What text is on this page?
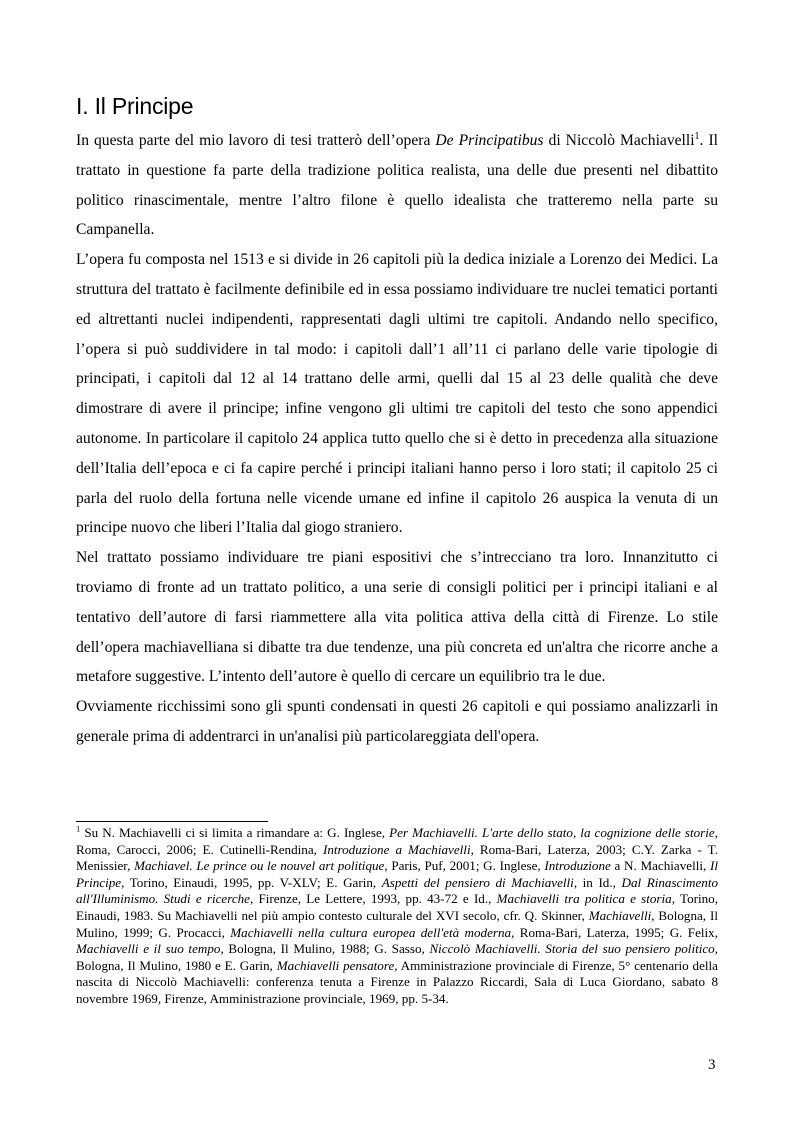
I. Il Principe

In questa parte del mio lavoro di tesi tratterò dell’opera De Principatibus di Niccolò Machiavelli$^1$. Il trattato in questione fa parte della tradizione politica realista, una delle due presenti nel dibattito politico rinascimentale, mentre l’altro filone è quello idealista che tratteremo nella parte su Campanella.

L’opera fu composta nel 1513 e si divide in 26 capitoli più la dedica iniziale a Lorenzo dei Medici. La struttura del trattato è facilmente definibile ed in essa possiamo individuare tre nuclei tematici portanti ed altrettanti nuclei indipendenti, rappresentati dagli ultimi tre capitoli. Andando nello specifico, l’opera si può suddividere in tal modo: i capitoli dall’1 all’11 ci parlano delle varie tipologie di principati, i capitoli dal 12 al 14 trattano delle armi, quelli dal 15 al 23 delle qualità che deve dimostrare di avere il principe; infine vengono gli ultimi tre capitoli del testo che sono appendici autonome. In particolare il capitolo 24 applica tutto quello che si è detto in precedenza alla situazione dell’Italia dell’epoca e ci fa capire perché i principi italiani hanno perso i loro stati; il capitolo 25 ci parla del ruolo della fortuna nelle vicende umane ed infine il capitolo 26 auspica la venuta di un principe nuovo che liberi l’Italia dal giogo straniero.

Nel trattato possiamo individuare tre piani espositivi che s’intrecciano tra loro. Innanzitutto ci troviamo di fronte ad un trattato politico, a una serie di consigli politici per i principi italiani e al tentativo dell’autore di farsi riammettere alla vita politica attiva della città di Firenze. Lo stile dell’opera machiavelliana si dibatte tra due tendenze, una più concreta ed un'altra che ricorre anche a metafore suggestive. L’intento dell’autore è quello di cercare un equilibrio tra le due.

Ovviamente ricchissimi sono gli spunti condensati in questi 26 capitoli e qui possiamo analizzarli in generale prima di addentrarci in un'analisi più particolareggiata dell'opera.

$^1$ Su N. Machiavelli ci si limita a rimandare a: G. Inglese, Per Machiavelli. L'arte dello stato, la cognizione delle storie, Roma, Carocci, 2006; E. Cutinelli-Rendina, Introduzione a Machiavelli, Roma-Bari, Laterza, 2003; C.Y. Zarka - T. Menissier, Machiavel. Le prince ou le nouvel art politique, Paris, Puf, 2001; G. Inglese, Introduzione a N. Machiavelli, Il Principe, Torino, Einaudi, 1995, pp. V-XLV; E. Garin, Aspetti del pensiero di Machiavelli, in Id., Dal Rinascimento all'Illuminismo. Studi e ricerche, Firenze, Le Lettere, 1993, pp. 43-72 e Id., Machiavelli tra politica e storia, Torino, Einaudi, 1983. Su Machiavelli nel più ampio contesto culturale del XVI secolo, cfr. Q. Skinner, Machiavelli, Bologna, Il Mulino, 1999; G. Procacci, Machiavelli nella cultura europea dell'età moderna, Roma-Bari, Laterza, 1995; G. Felix, Machiavelli e il suo tempo, Bologna, Il Mulino, 1988; G. Sasso, Niccolò Machiavelli. Storia del suo pensiero politico, Bologna, Il Mulino, 1980 e E. Garin, Machiavelli pensatore, Amministrazione provinciale di Firenze, 5° centenario della nascita di Niccolò Machiavelli: conferenza tenuta a Firenze in Palazzo Riccardi, Sala di Luca Giordano, sabato 8 novembre 1969, Firenze, Amministrazione provinciale, 1969, pp. 5-34.

3
